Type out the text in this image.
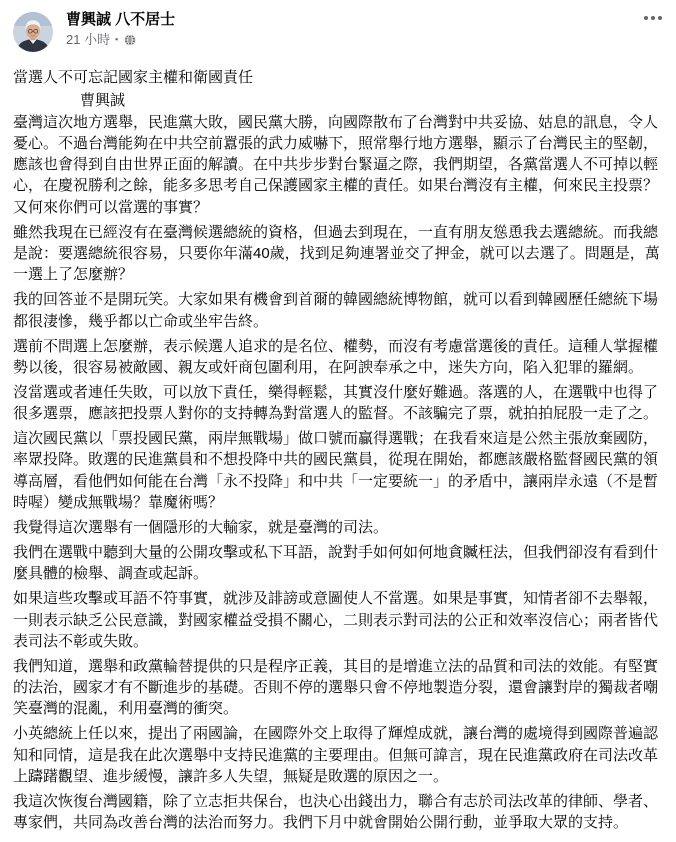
曹興誠 八不居士
21 小時 ・
當選人不可忘記國家主權和衛國責任
曹興誠
臺灣這次地方選舉，民進黨大敗，國民黨大勝，向國際散布了台灣對中共妥協、姑息的訊息，令人憂心。不過台灣能夠在中共空前囂張的武力威嚇下，照常舉行地方選舉，顯示了台灣民主的堅韌，應該也會得到自由世界正面的解讀。在中共步步對台緊逼之際，我們期望，各黨當選人不可掉以輕心，在慶祝勝利之餘，能多多思考自己保護國家主權的責任。如果台灣沒有主權，何來民主投票？又何來你們可以當選的事實？
雖然我現在已經沒有在臺灣候選總統的資格，但過去到現在，一直有朋友慫恿我去選總統。而我總是說：要選總統很容易，只要你年滿40歲，找到足夠連署並交了押金，就可以去選了。問題是，萬一選上了怎麼辦？
我的回答並不是開玩笑。大家如果有機會到首爾的韓國總統博物館，就可以看到韓國歷任總統下場都很淒慘，幾乎都以亡命或坐牢告終。
選前不問選上怎麼辦，表示候選人追求的是名位、權勢，而沒有考慮當選後的責任。這種人掌握權勢以後，很容易被敵國、親友或奸商包圍利用，在阿諛奉承之中，迷失方向，陷入犯罪的羅網。
沒當選或者連任失敗，可以放下責任，樂得輕鬆，其實沒什麼好難過。落選的人，在選戰中也得了很多選票，應該把投票人對你的支持轉為對當選人的監督。不該騙完了票，就拍拍屁股一走了之。
這次國民黨以「票投國民黨，兩岸無戰場」做口號而贏得選戰；在我看來這是公然主張放棄國防，率眾投降。敗選的民進黨員和不想投降中共的國民黨員，從現在開始，都應該嚴格監督國民黨的領導高層，看他們如何能在台灣「永不投降」和中共「一定要統一」的矛盾中，讓兩岸永遠（不是暫時喔）變成無戰場？靠魔術嗎？
我覺得這次選舉有一個隱形的大輸家，就是臺灣的司法。
我們在選戰中聽到大量的公開攻擊或私下耳語，說對手如何如何地貪贓枉法，但我們卻沒有看到什麼具體的檢舉、調查或起訴。
如果這些攻擊或耳語不符事實，就涉及誹謗或意圖使人不當選。如果是事實，知情者卻不去舉報，一則表示缺乏公民意識，對國家權益受損不關心，二則表示對司法的公正和效率沒信心；兩者皆代表司法不彰或失敗。
我們知道，選舉和政黨輪替提供的只是程序正義，其目的是增進立法的品質和司法的效能。有堅實的法治，國家才有不斷進步的基礎。否則不停的選舉只會不停地製造分裂，還會讓對岸的獨裁者嘲笑臺灣的混亂，利用臺灣的衝突。
小英總統上任以來，提出了兩國論，在國際外交上取得了輝煌成就，讓台灣的處境得到國際普遍認知和同情，這是我在此次選舉中支持民進黨的主要理由。但無可諱言，現在民進黨政府在司法改革上躊躇觀望、進步緩慢，讓許多人失望，無疑是敗選的原因之一。
我這次恢復台灣國籍，除了立志拒共保台，也決心出錢出力，聯合有志於司法改革的律師、學者、專家們，共同為改善台灣的法治而努力。我們下月中就會開始公開行動，並爭取大眾的支持。
